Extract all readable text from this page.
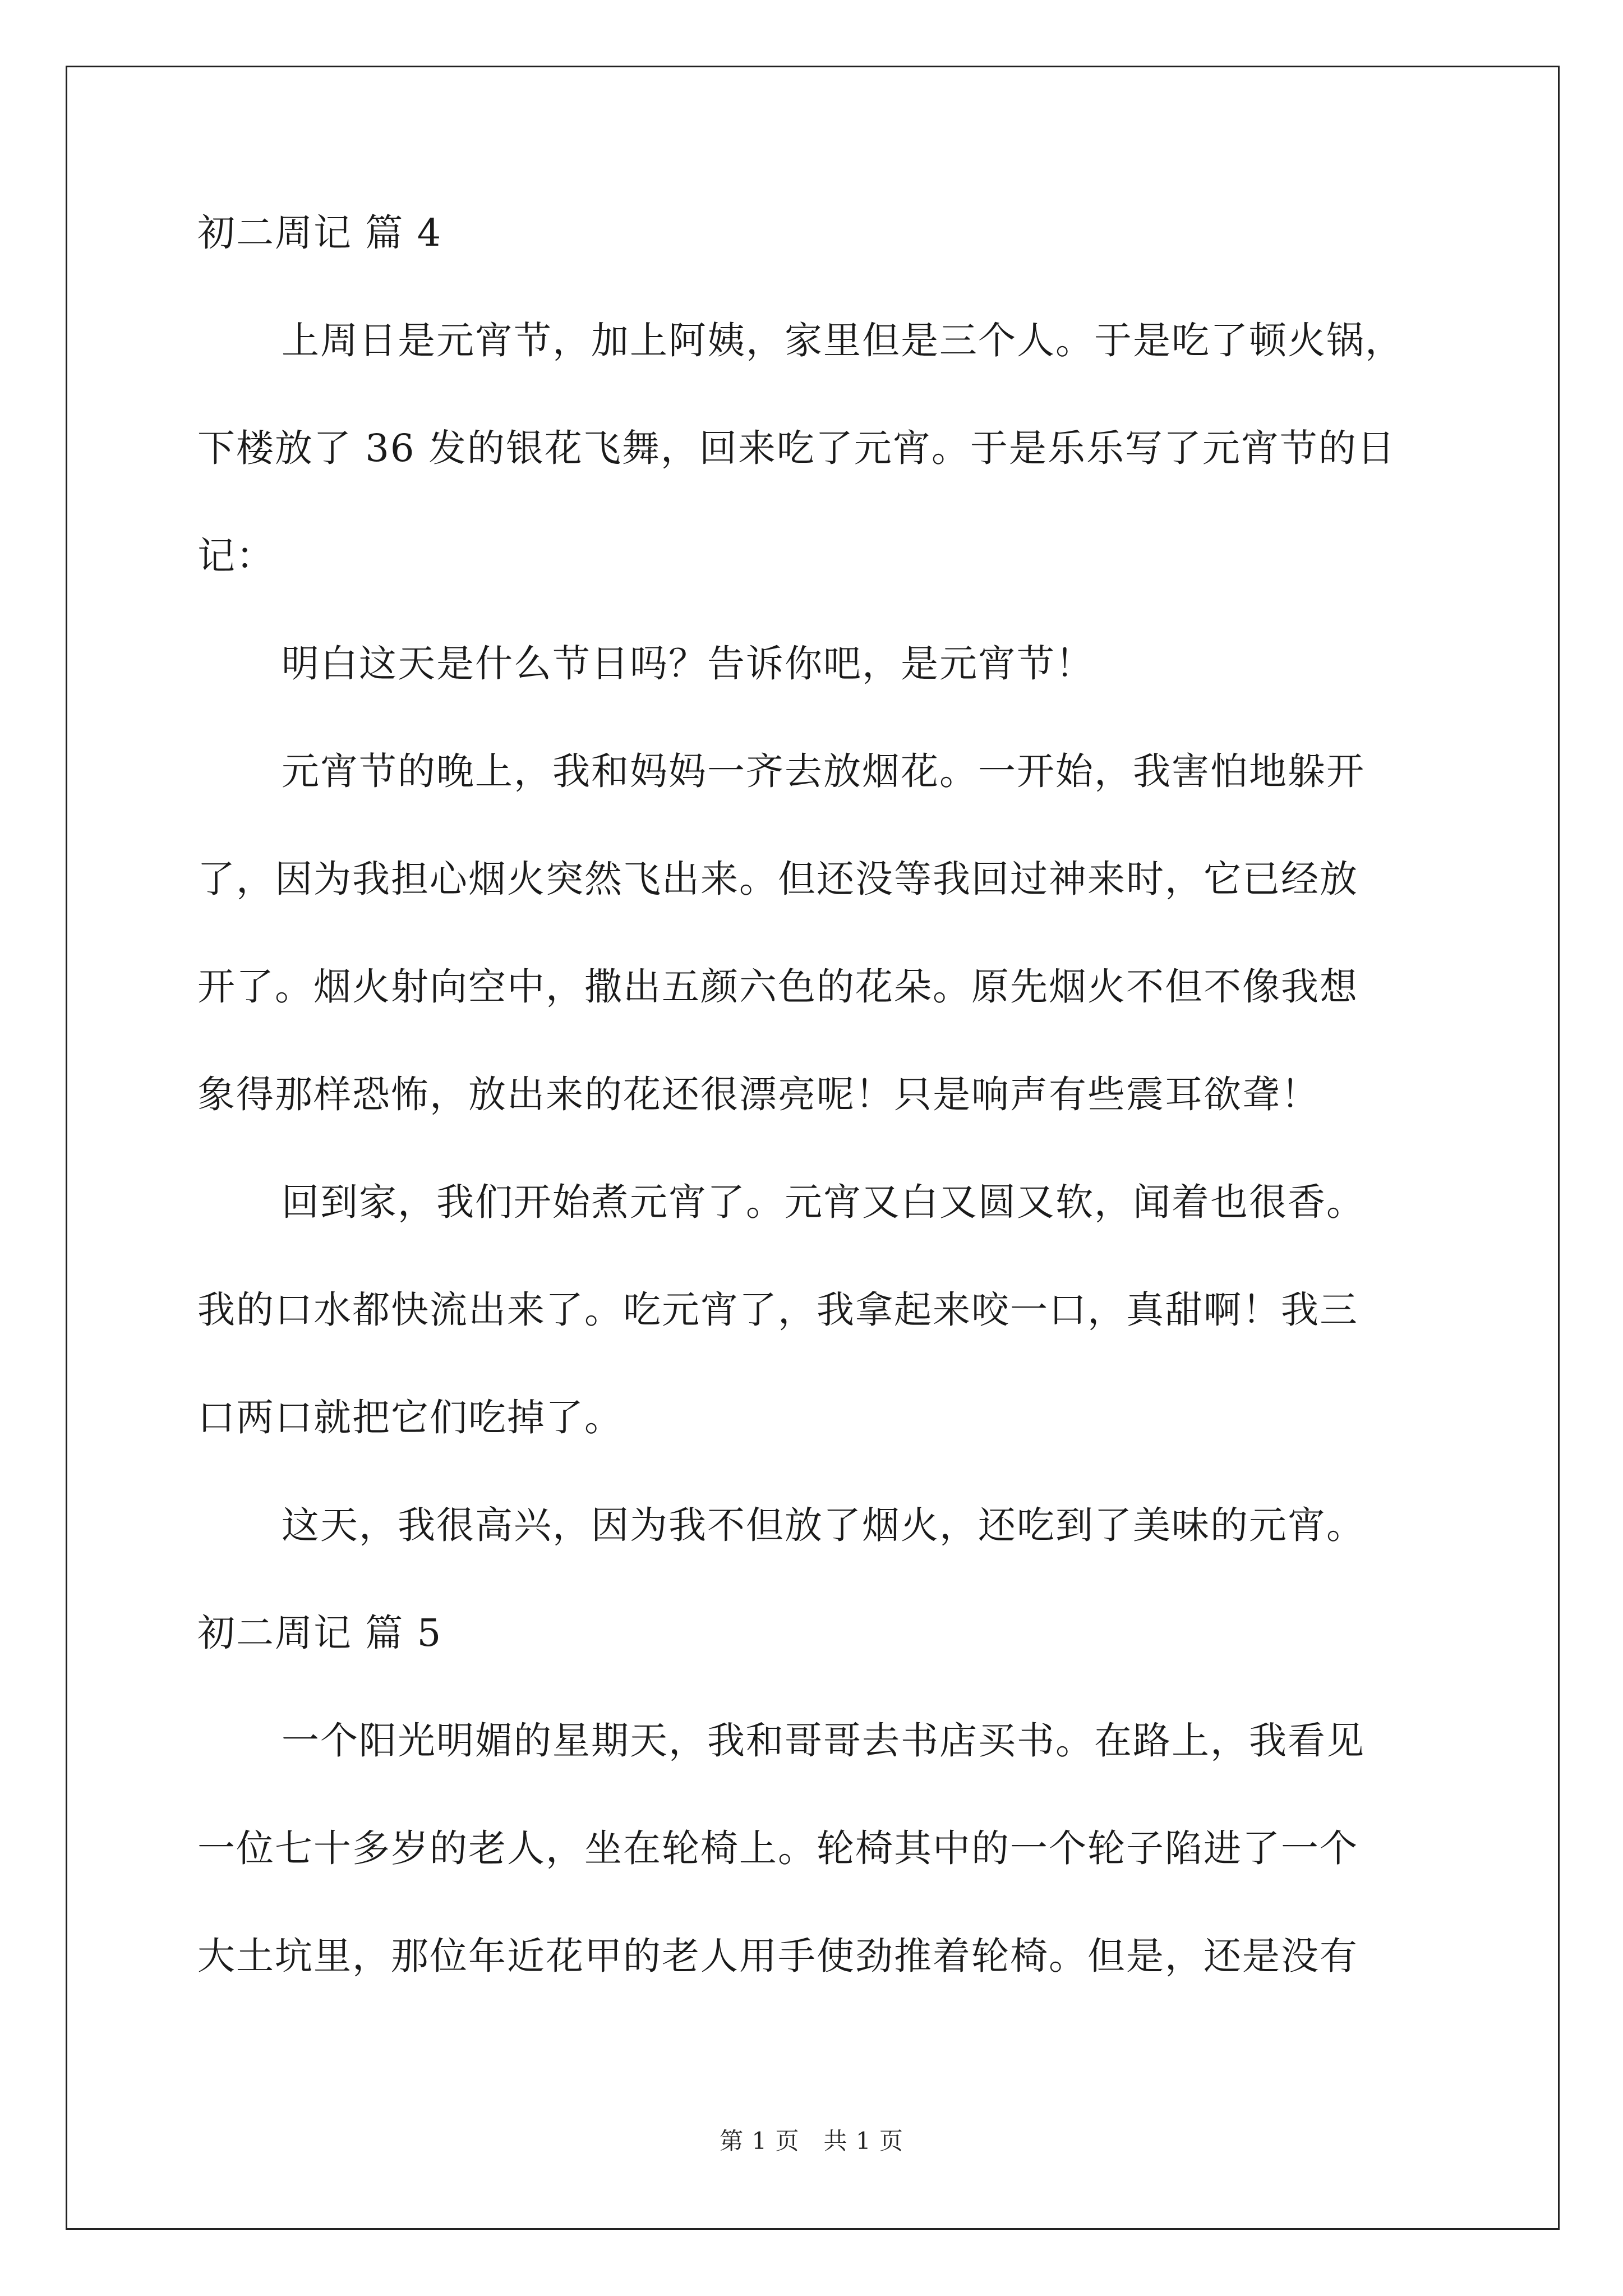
初二周记 篇 4
上周日是元宵节，加上阿姨，家里但是三个人。于是吃了顿火锅，
下楼放了 36 发的银花飞舞，回来吃了元宵。于是乐乐写了元宵节的日
记：
明白这天是什么节日吗？告诉你吧，是元宵节！
元宵节的晚上，我和妈妈一齐去放烟花。一开始，我害怕地躲开
了，因为我担心烟火突然飞出来。但还没等我回过神来时，它已经放
开了。烟火射向空中，撒出五颜六色的花朵。原先烟火不但不像我想
象得那样恐怖，放出来的花还很漂亮呢！只是响声有些震耳欲聋！
回到家，我们开始煮元宵了。元宵又白又圆又软，闻着也很香。
我的口水都快流出来了。吃元宵了，我拿起来咬一口，真甜啊！我三
口两口就把它们吃掉了。
这天，我很高兴，因为我不但放了烟火，还吃到了美味的元宵。
初二周记 篇 5
一个阳光明媚的星期天，我和哥哥去书店买书。在路上，我看见
一位七十多岁的老人，坐在轮椅上。轮椅其中的一个轮子陷进了一个
大土坑里，那位年近花甲的老人用手使劲推着轮椅。但是，还是没有
第 1 页　共 1 页
